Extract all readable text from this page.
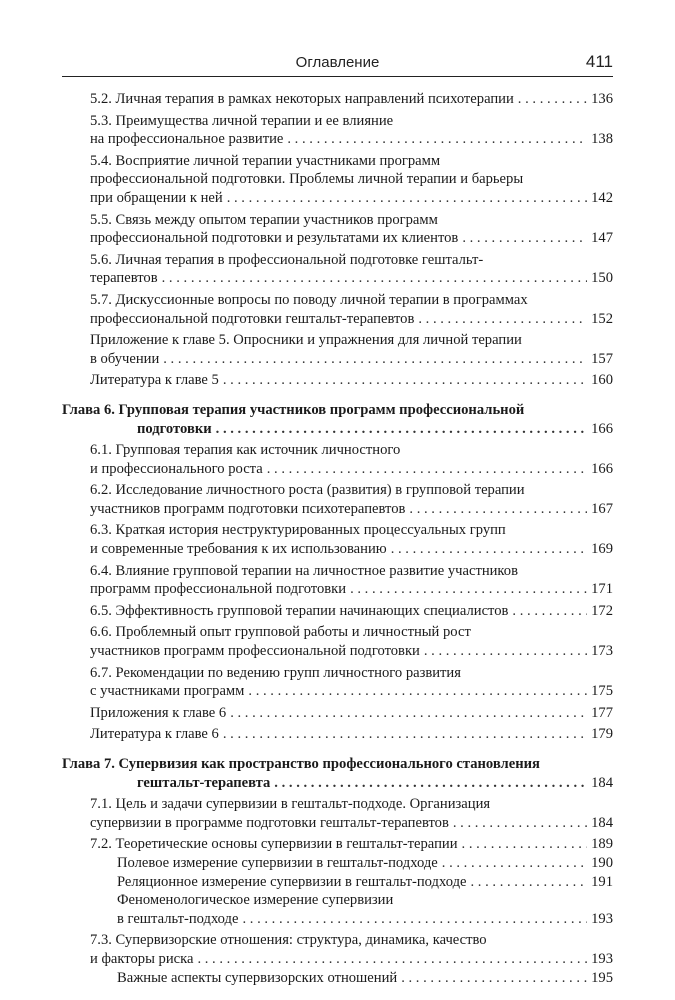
Оглавление	411
5.2. Личная терапия в рамках некоторых направлений психотерапии . . .	136
5.3. Преимущества личной терапии и ее влияние
на профессиональное развитие . . .	138
5.4. Восприятие личной терапии участниками программ
профессиональной подготовки. Проблемы личной терапии и барьеры
при обращении к ней . . .	142
5.5. Связь между опытом терапии участников программ
профессиональной подготовки и результатами их клиентов . . .	147
5.6. Личная терапия в профессиональной подготовке гештальт-
терапевтов . . .	150
5.7. Дискуссионные вопросы по поводу личной терапии в программах
профессиональной подготовки гештальт-терапевтов . . .	152
Приложение к главе 5. Опросники и упражнения для личной терапии
в обучении . . .	157
Литература к главе 5 . . .	160
Глава 6. Групповая терапия участников программ профессиональной
подготовки . . .	166
6.1. Групповая терапия как источник личностного
и профессионального роста . . .	166
6.2. Исследование личностного роста (развития) в групповой терапии
участников программ подготовки психотерапевтов . . .	167
6.3. Краткая история неструктурированных процессуальных групп
и современные требования к их использованию . . .	169
6.4. Влияние групповой терапии на личностное развитие участников
программ профессиональной подготовки . . .	171
6.5. Эффективность групповой терапии начинающих специалистов . . .	172
6.6. Проблемный опыт групповой работы и личностный рост
участников программ профессиональной подготовки . . .	173
6.7. Рекомендации по ведению групп личностного развития
с участниками программ . . .	175
Приложения к главе 6 . . .	177
Литература к главе 6 . . .	179
Глава 7. Супервизия как пространство профессионального становления
гештальт-терапевта . . .	184
7.1. Цель и задачи супервизии в гештальт-подходе. Организация
супервизии в программе подготовки гештальт-терапевтов . . .	184
7.2. Теоретические основы супервизии в гештальт-терапии . . .	189
Полевое измерение супервизии в гештальт-подходе . . .	190
Реляционное измерение супервизии в гештальт-подходе . . .	191
Феноменологическое измерение супервизии
в гештальт-подходе . . .	193
7.3. Супервизорские отношения: структура, динамика, качество
и факторы риска . . .	193
Важные аспекты супервизорских отношений . . .	195
